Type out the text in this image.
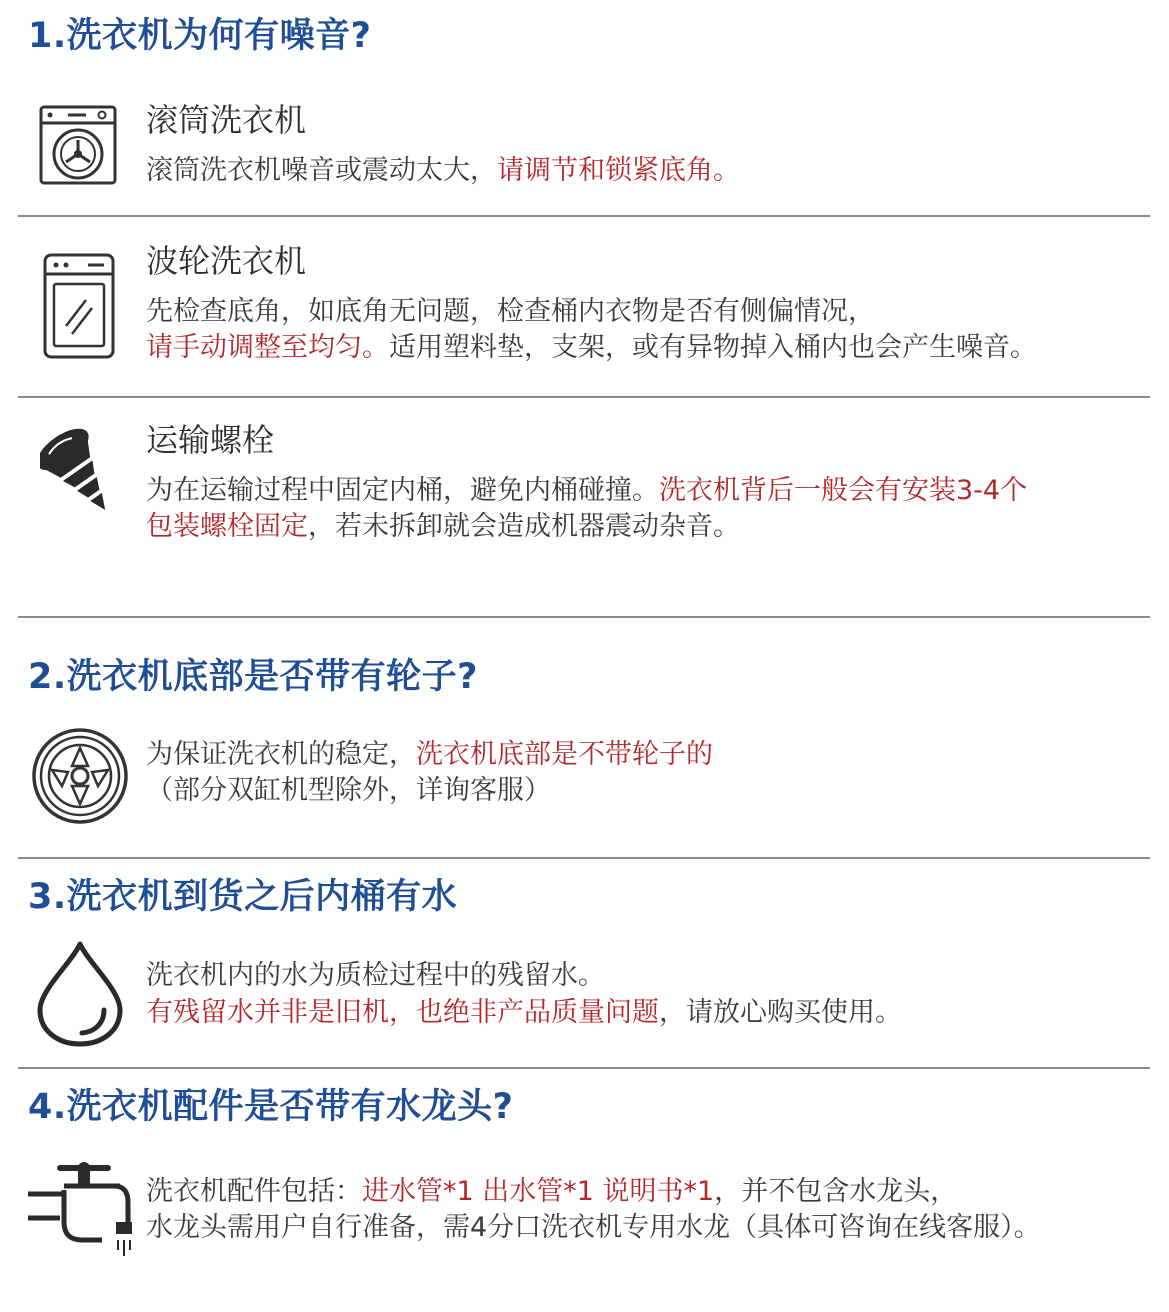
1.洗衣机为何有噪音?
滚筒洗衣机
滚筒洗衣机噪音或震动太大，请调节和锁紧底角。
波轮洗衣机
先检查底角，如底角无问题，检查桶内衣物是否有侧偏情况，
请手动调整至均匀。适用塑料垫，支架，或有异物掉入桶内也会产生噪音。
运输螺栓
为在运输过程中固定内桶，避免内桶碰撞。洗衣机背后一般会有安装3-4个
包装螺栓固定，若未拆卸就会造成机器震动杂音。
2.洗衣机底部是否带有轮子?
为保证洗衣机的稳定，洗衣机底部是不带轮子的
（部分双缸机型除外，详询客服）
3.洗衣机到货之后内桶有水
洗衣机内的水为质检过程中的残留水。
有残留水并非是旧机，也绝非产品质量问题，请放心购买使用。
4.洗衣机配件是否带有水龙头?
洗衣机配件包括：进水管*1 出水管*1 说明书*1，并不包含水龙头，
水龙头需用户自行准备，需4分口洗衣机专用水龙（具体可咨询在线客服）。
